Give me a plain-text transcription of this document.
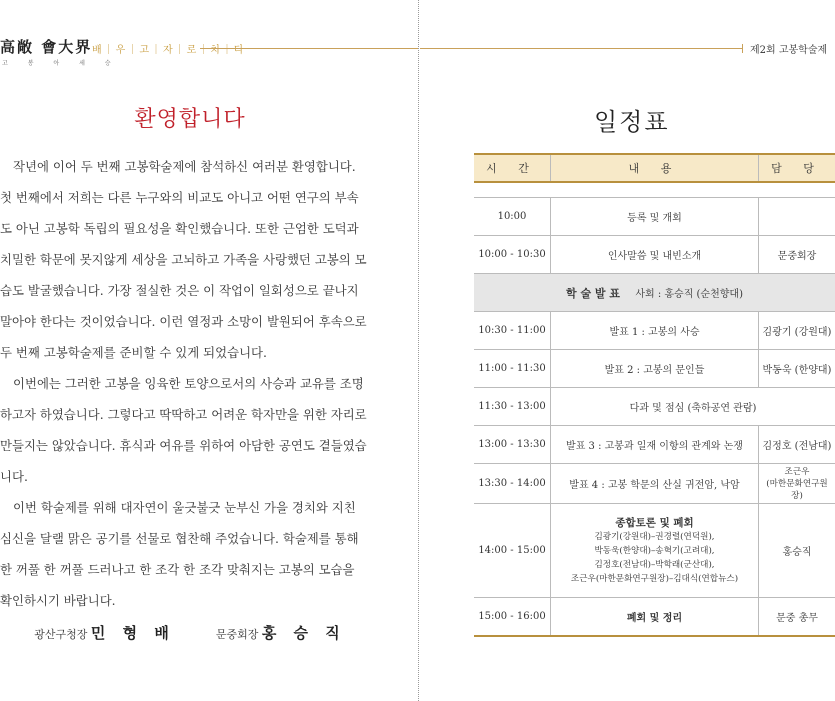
高敞 會大界
고 봉 아 세 승
배｜우｜고｜자｜로｜치｜다
환영합니다

작년에 이어 두 번째 고봉학술제에 참석하신 여러분 환영합니다. 첫 번째에서 저희는 다른 누구와의 비교도 아니고 어떤 연구의 부속도 아닌 고봉학 독립의 필요성을 확인했습니다. 또한 근엄한 도덕과 치밀한 학문에 못지않게 세상을 고뇌하고 가족을 사랑했던 고봉의 모습도 발굴했습니다. 가장 절실한 것은 이 작업이 일회성으로 끝나지 말아야 한다는 것이었습니다. 이런 열정과 소망이 발원되어 후속으로 두 번째 고봉학술제를 준비할 수 있게 되었습니다.

이번에는 그러한 고봉을 잉육한 토양으로서의 사승과 교유를 조명하고자 하였습니다. 그렇다고 딱딱하고 어려운 학자만을 위한 자리로 만들지는 않았습니다. 휴식과 여유를 위하여 아담한 공연도 곁들였습니다.

이번 학술제를 위해 대자연이 울긋불긋 눈부신 가을 경치와 지친 심신을 달랠 맑은 공기를 선물로 협찬해 주었습니다. 학술제를 통해 한 꺼풀 한 꺼풀 드러나고 한 조각 한 조각 맞춰지는 고봉의 모습을 확인하시기 바랍니다.

광산구청장 민 형 배	문중회장 홍 승 직
제2회 고봉학술제
일정표
시 간	내 용	담 당

10:00	등록 및 개회	
10:00 - 10:30	인사말씀 및 내빈소개	문중회장
학 술 발 표 사회 : 홍승직 (순천향대)		
10:30 - 11:00	발표 1 : 고봉의 사승	김광기 (강원대)
11:00 - 11:30	발표 2 : 고봉의 문인들	박동욱 (한양대)
11:30 - 13:00	다과 및 점심 (축하공연 관람)	
13:00 - 13:30	발표 3 : 고봉과 일재 이항의 관계와 논쟁	김정호 (전남대)
13:30 - 14:00	발표 4 : 고봉 학문의 산실 귀전암, 낙암	조근우
(마한문화연구원장)

14:00 - 15:00	종합토론 및 폐회
김광기(강원대)–권경렬(연덕원),
박동욱(한양대)–송혁기(고려대),
김정호(전남대)–박학래(군산대),
조근우(마한문화연구원장)–김대식(연합뉴스)	홍승직
15:00 - 16:00	폐회 및 정리	문중 총무
